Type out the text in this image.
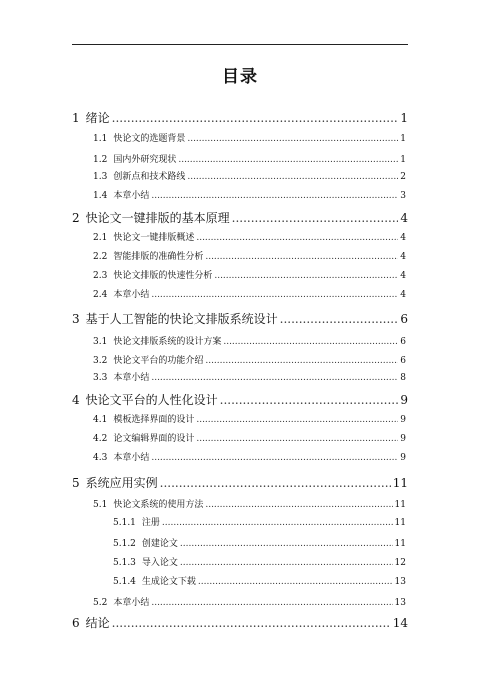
目录
1 绪论 .....	1
1.1 快论文的选题背景 .....	1
1.2 国内外研究现状 .....	1
1.3 创新点和技术路线 .....	2
1.4 本章小结 .....	3
2 快论文一键排版的基本原理 .....	4
2.1 快论文一键排版概述 .....	4
2.2 智能排版的准确性分析 .....	4
2.3 快论文排版的快速性分析 .....	4
2.4 本章小结 .....	4
3 基于人工智能的快论文排版系统设计 .....	6
3.1 快论文排版系统的设计方案 .....	6
3.2 快论文平台的功能介绍 .....	6
3.3 本章小结 .....	8
4 快论文平台的人性化设计 .....	9
4.1 模板选择界面的设计 .....	9
4.2 论文编辑界面的设计 .....	9
4.3 本章小结 .....	9
5 系统应用实例 .....	11
5.1 快论文系统的使用方法 .....	11
5.1.1 注册 .....	11
5.1.2 创建论文 .....	11
5.1.3 导入论文 .....	12
5.1.4 生成论文下载 .....	13
5.2 本章小结 .....	13
6 结论 .....	14
